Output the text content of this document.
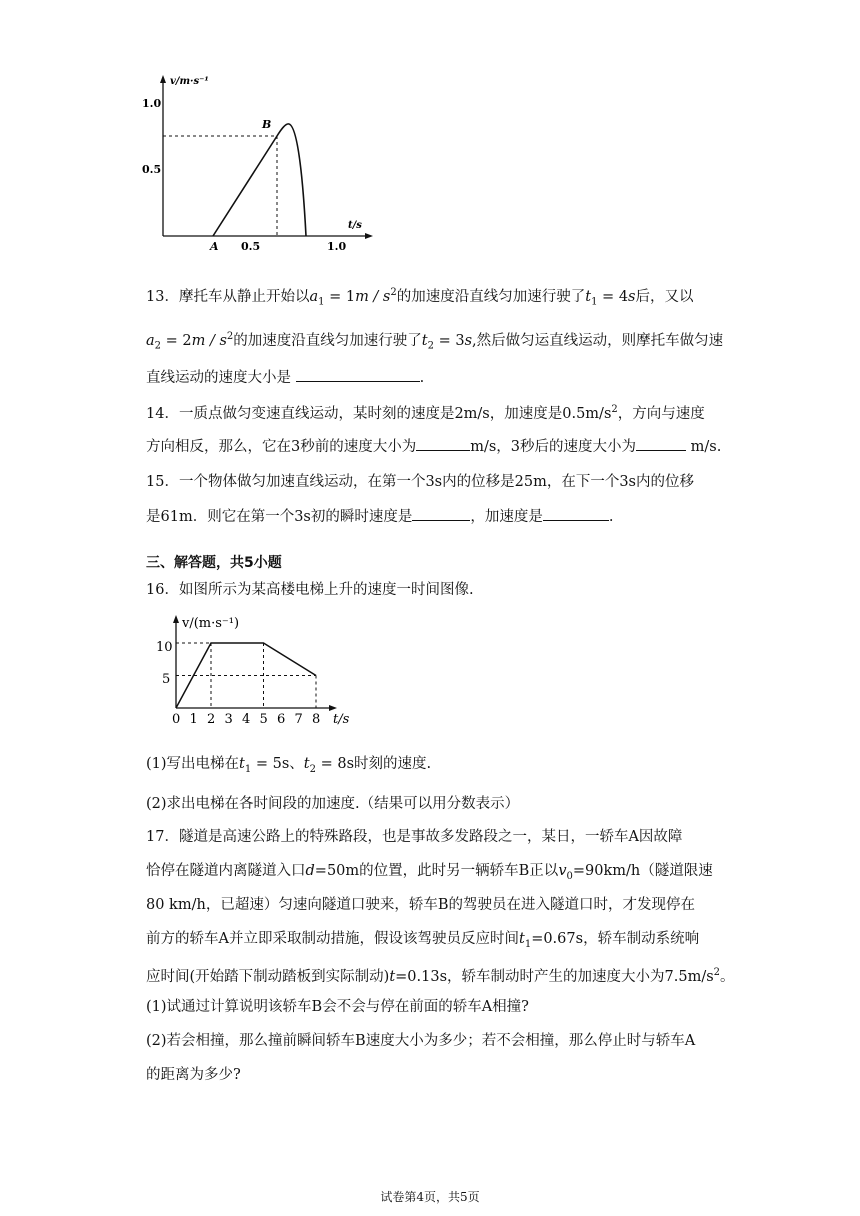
v/m·s⁻¹
t/s
1.0
0.5
0.5	1.0
A
B
13．摩托车从静止开始以$a_1 = 1m / s^2$的加速度沿直线匀加速行驶了$t_1 = 4s$后，又以
$a_2 = 2m / s^2$的加速度沿直线匀加速行驶了$t_2 = 3s$,然后做匀运直线运动，则摩托车做匀速
直线运动的速度大小是	.
14．一质点做匀变速直线运动，某时刻的速度是2m/s，加速度是$0.5m/s^2$，方向与速度
方向相反，那么，它在3秒前的速度大小为	m/s，3秒后的速度大小为	m/s.
15．一个物体做匀加速直线运动，在第一个3s内的位移是25m，在下一个3s内的位移
是61m．则它在第一个3s初的瞬时速度是	，加速度是	.
三、解答题，共5小题
16．如图所示为某高楼电梯上升的速度一时间图像.
v/(m·s⁻¹)
t/s
10
5
0 1 2 3 4 5 6 7 8
(1)写出电梯在$t_1 = 5s$、$t_2 = 8s$时刻的速度.
(2)求出电梯在各时间段的加速度.（结果可以用分数表示）
17．隧道是高速公路上的特殊路段，也是事故多发路段之一，某日，一轿车A因故障
恰停在隧道内离隧道入口d=50m的位置，此时另一辆轿车B正以$v_0=90km/h$（隧道限速
80 km/h，已超速）匀速向隧道口驶来，轿车B的驾驶员在进入隧道口时，才发现停在
前方的轿车A并立即采取制动措施，假设该驾驶员反应时间$t_1=0.67s$，轿车制动系统响
应时间(开始踏下制动踏板到实际制动)t=0.13s，轿车制动时产生的加速度大小为$7.5m/s^2$。
(1)试通过计算说明该轿车B会不会与停在前面的轿车A相撞?
(2)若会相撞，那么撞前瞬间轿车B速度大小为多少；若不会相撞，那么停止时与轿车A
的距离为多少?
试卷第4页，共5页
